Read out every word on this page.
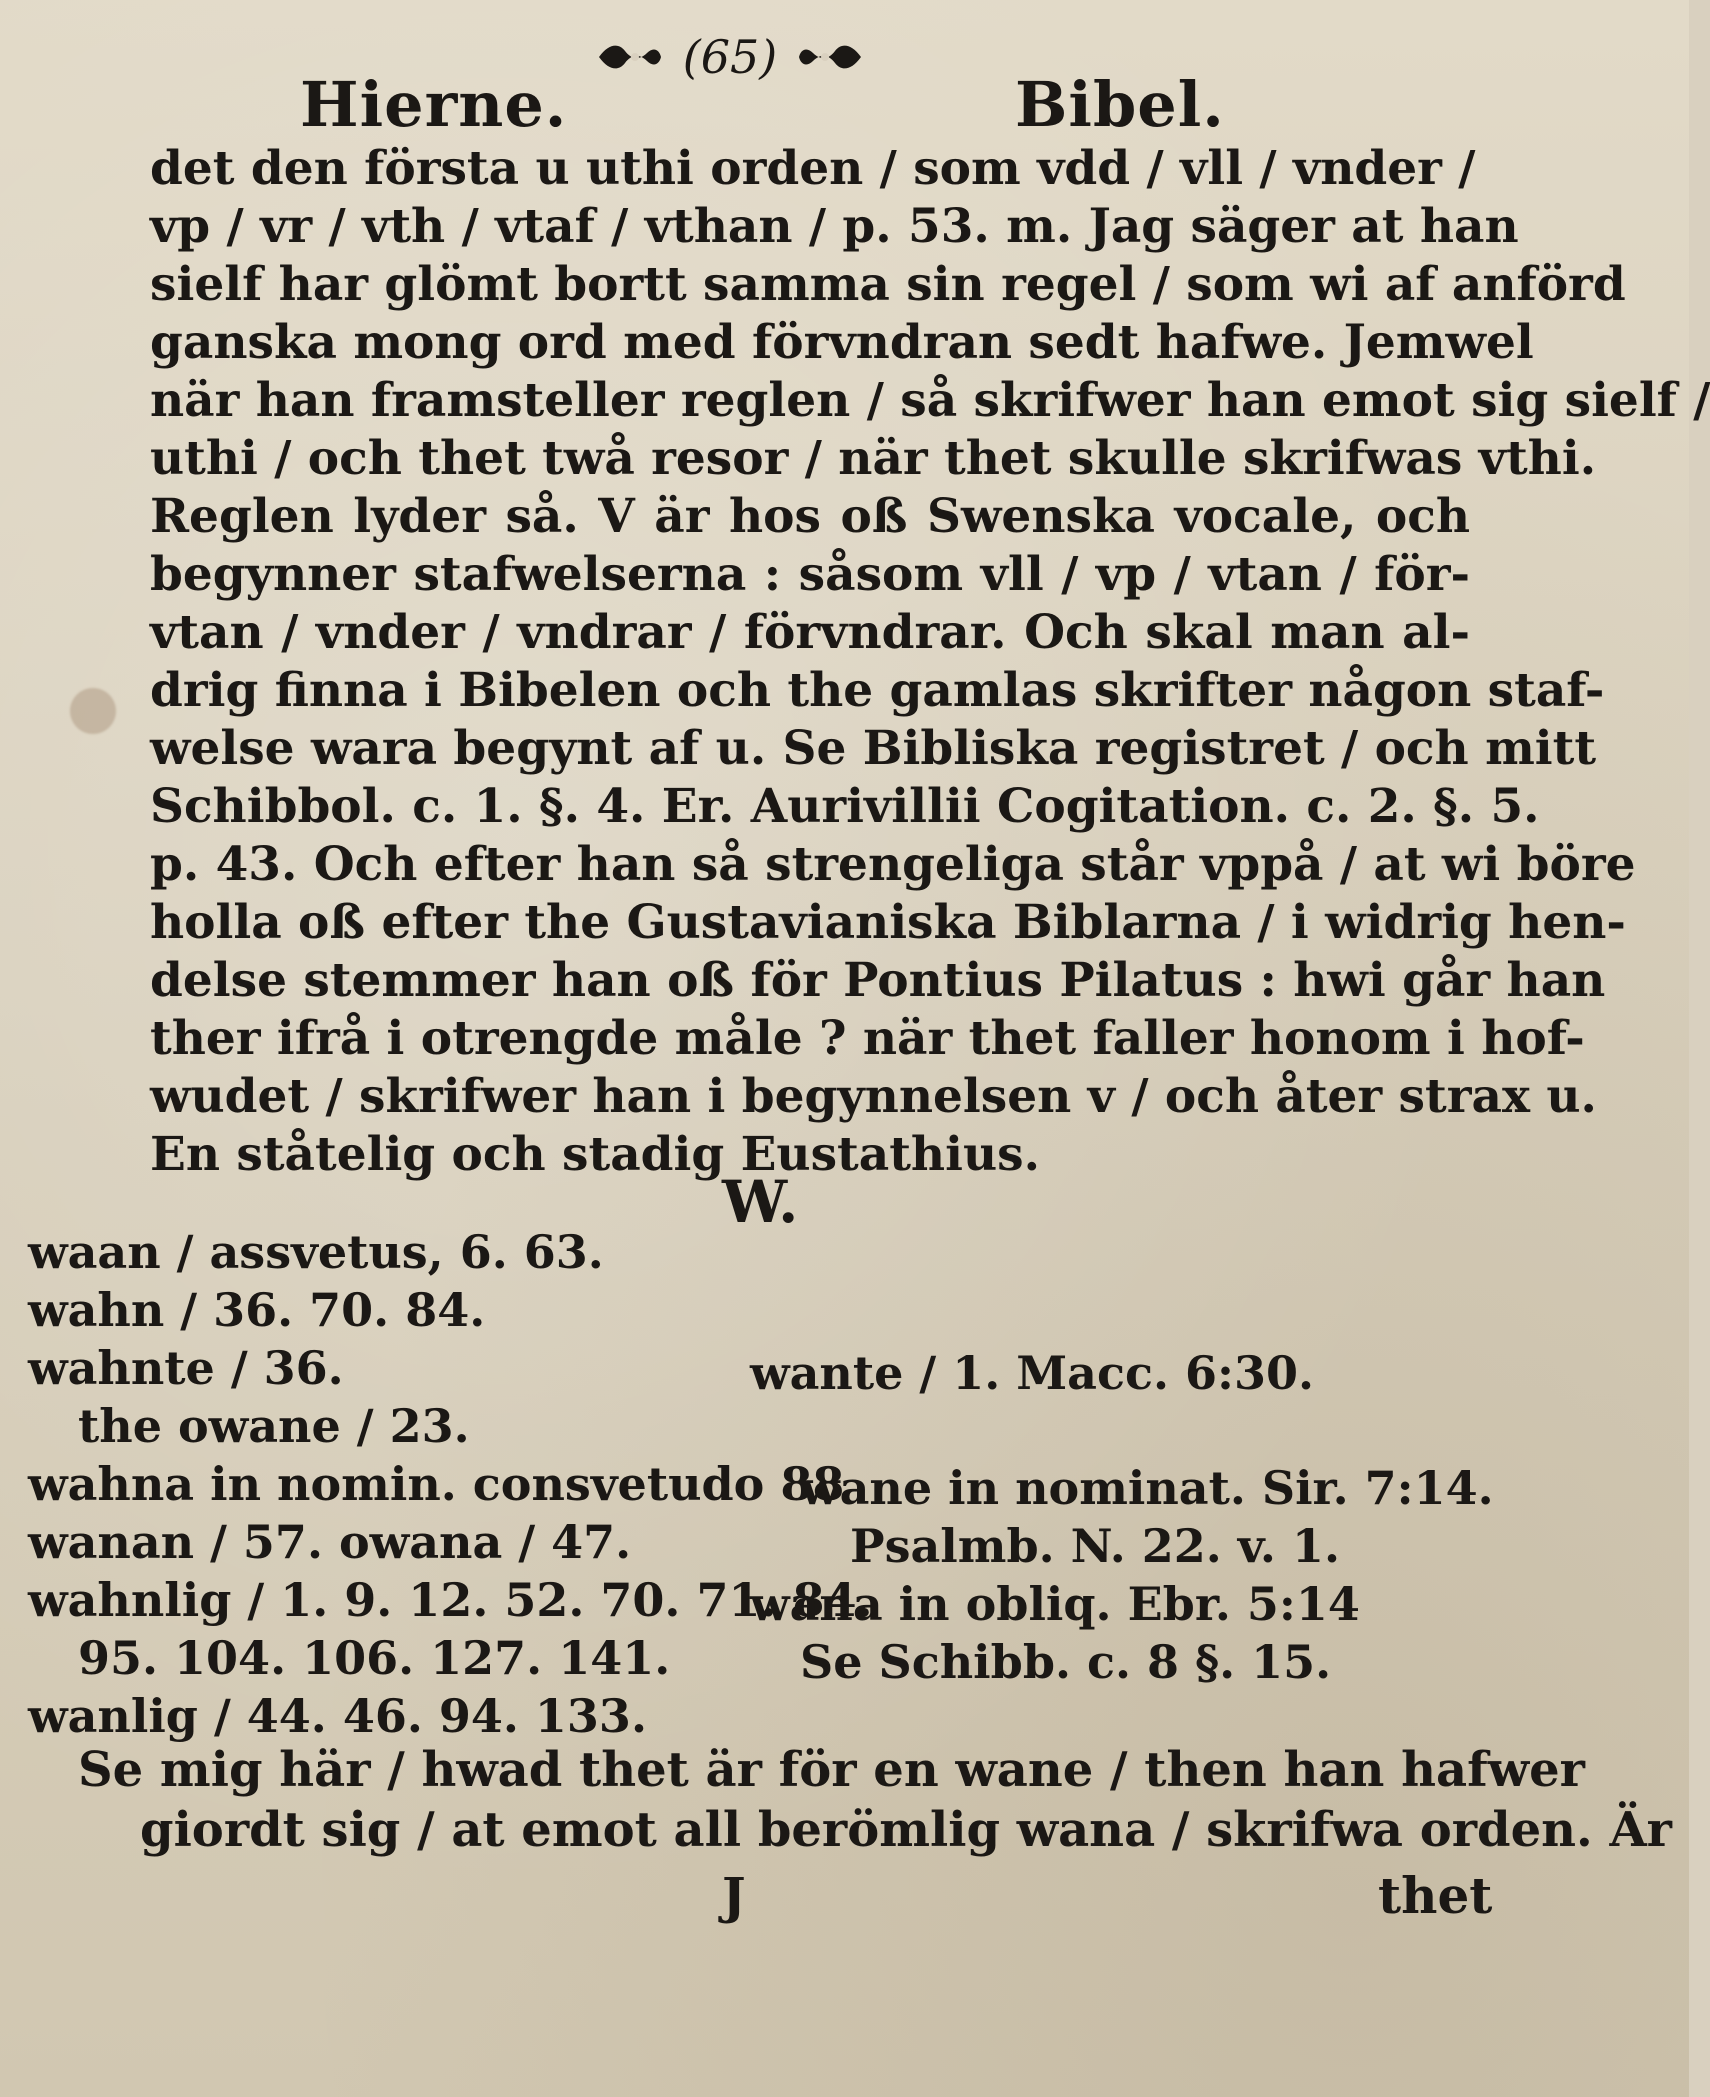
(65)
Hierne.	Bibel.
det den första u uthi orden / som vdd / vll / vnder /
vp / vr / vth / vtaf / vthan / p. 53. m. Jag säger at han
sielf har glömt bortt samma sin regel / som wi af anförd
ganska mong ord med förvndran sedt hafwe. Jemwel
när han framsteller reglen / så skrifwer han emot sig sielf /
uthi / och thet twå resor / när thet skulle skrifwas vthi.
Reglen lyder så. V är hos oß Swenska vocale, och
begynner stafwelserna : såsom vll / vp / vtan / för-
vtan / vnder / vndrar / förvndrar. Och skal man al-
drig finna i Bibelen och the gamlas skrifter någon staf-
welse wara begynt af u. Se Bibliska registret / och mitt
Schibbol. c. 1. §. 4. Er. Aurivillii Cogitation. c. 2. §. 5.
p. 43. Och efter han så strengeliga står vppå / at wi böre
holla oß efter the Gustavianiska Biblarna / i widrig hen-
delse stemmer han oß för Pontius Pilatus : hwi går han
ther ifrå i otrengde måle ? när thet faller honom i hof-
wudet / skrifwer han i begynnelsen v / och åter strax u.
En ståtelig och stadig Eustathius.
W.
waan / assvetus, 6. 63.
wahn / 36. 70. 84.
wahnte / 36.
the owane / 23.
wahna in nomin. consvetudo 88
wanan / 57. owana / 47.
wahnlig / 1. 9. 12. 52. 70. 71. 84.
95. 104. 106. 127. 141.
wanlig / 44. 46. 94. 133.
wante / 1. Macc. 6:30.
wane in nominat. Sir. 7:14.
Psalmb. N. 22. v. 1.
wana in obliq. Ebr. 5:14
Se Schibb. c. 8 §. 15.
Se mig här / hwad thet är för en wane / then han hafwer
giordt sig / at emot all berömlig wana / skrifwa orden. Är
J	thet
